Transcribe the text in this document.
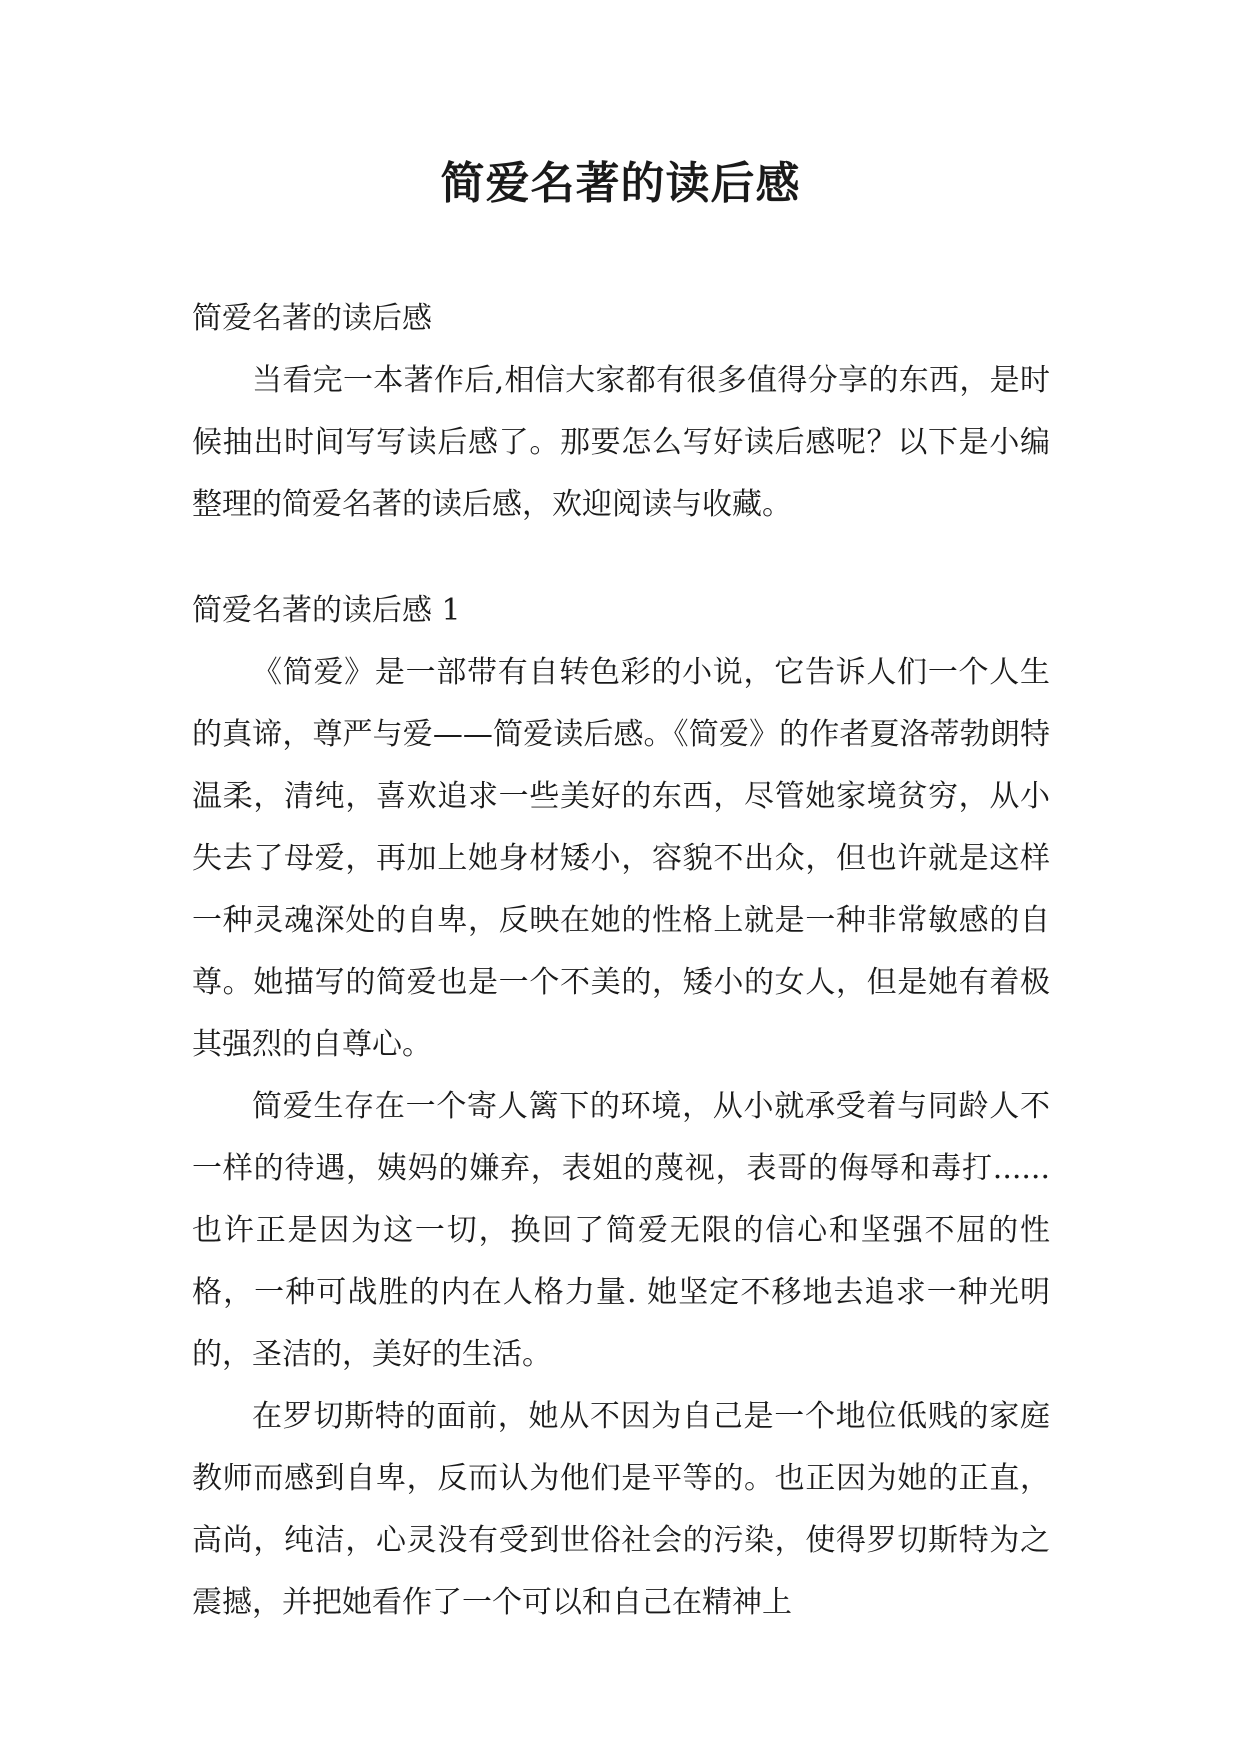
简爱名著的读后感

简爱名著的读后感

当看完一本著作后,相信大家都有很多值得分享的东西，是时候抽出时间写写读后感了。那要怎么写好读后感呢？以下是小编整理的简爱名著的读后感，欢迎阅读与收藏。

简爱名著的读后感 1

《简爱》是一部带有自转色彩的小说，它告诉人们一个人生的真谛，尊严与爱——简爱读后感。《简爱》的作者夏洛蒂勃朗特温柔，清纯，喜欢追求一些美好的东西，尽管她家境贫穷，从小失去了母爱，再加上她身材矮小，容貌不出众，但也许就是这样一种灵魂深处的自卑，反映在她的性格上就是一种非常敏感的自尊。她描写的简爱也是一个不美的，矮小的女人，但是她有着极其强烈的自尊心。

简爱生存在一个寄人篱下的环境，从小就承受着与同龄人不一样的待遇，姨妈的嫌弃，表姐的蔑视，表哥的侮辱和毒打......也许正是因为这一切，换回了简爱无限的信心和坚强不屈的性格，一种可战胜的内在人格力量. 她坚定不移地去追求一种光明的，圣洁的，美好的生活。

在罗切斯特的面前，她从不因为自己是一个地位低贱的家庭教师而感到自卑，反而认为他们是平等的。也正因为她的正直，高尚，纯洁，心灵没有受到世俗社会的污染，使得罗切斯特为之震撼，并把她看作了一个可以和自己在精神上
